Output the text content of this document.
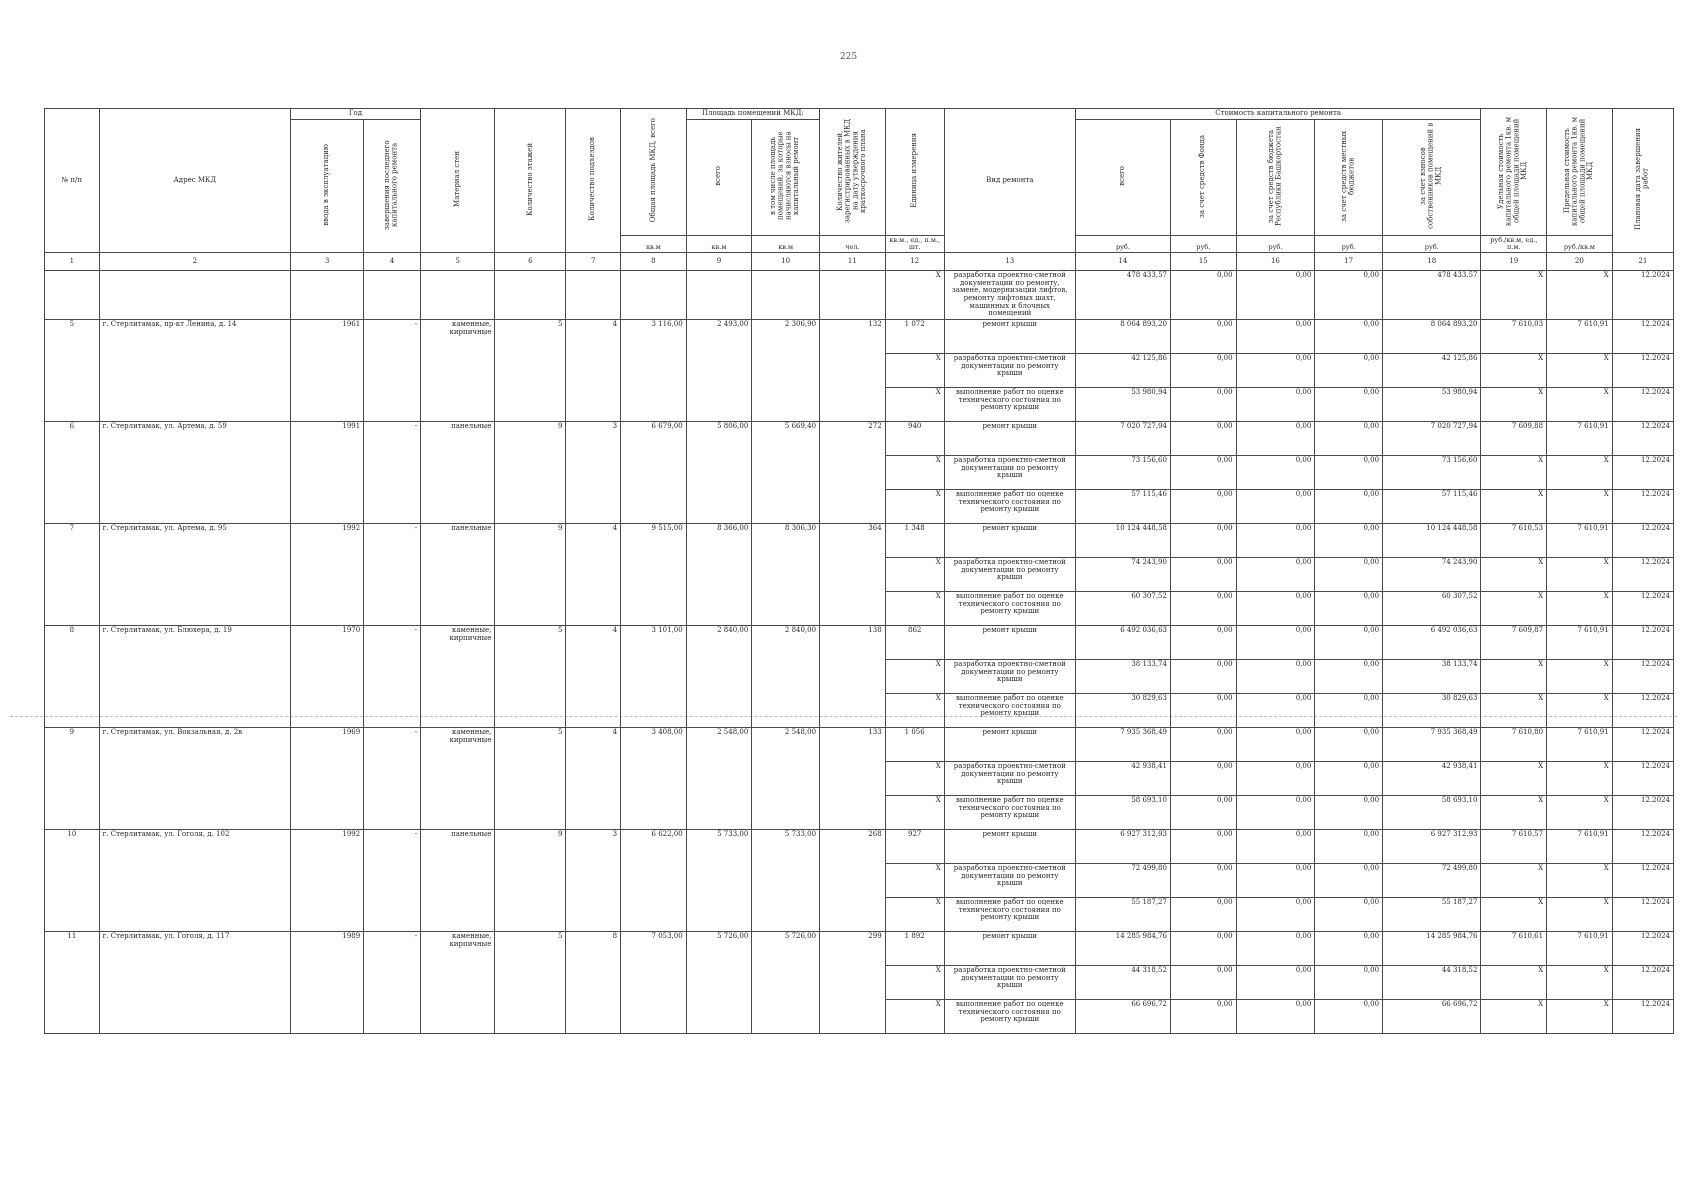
225
№ п/п	Адрес МКД	Год		Материал стен	Количество этажей	Количество подъездов	Общая площадь МКД, всего	Площадь помещений МКД:		Количество жителей, зарегистрированных в МКД на дату утверждения краткосрочного плана	Единица измерения	Вид ремонта	Стоимость капитального ремонта					Удельная стоимость капитального ремонта 1кв. м общей площади помещений МКД	Предельная стоимость капитального ремонта 1кв. м общей площади помещений МКД	Плановая дата завершения работ
		ввода в эксплуатацию	завершения последнего капитального ремонта					всего	в том числе площадь помещений, за которые начисляются взносы на капитальный ремонт				всего	за счет средств Фонда	за счет средств бюджета Республики Башкортостан	за счет средств местных бюджетов	за счет взносов собственников помещений в МКД			
							кв.м	кв.м	кв.м	чел.	кв.м., ед., п.м., шт.		руб.	руб.	руб.	руб.	руб.	руб./кв.м, ед., п.м.	руб./кв.м	
1	2	3	4	5	6	7	8	9	10	11	12	13	14	15	16	17	18	19	20	21
											X	разработка проектно-сметной документации по ремонту, замене, модернизации лифтов, ремонту лифтовых шахт, машинных и блочных помещений	478 433,57	0,00	0,00	0,00	478 433,57	X	X	12.2024
5	г. Стерлитамак, пр-кт Ленина, д. 14	1961	-	каменные, кирпичные	5	4	3 116,00	2 493,00	2 306,90	132	1 072	ремонт крыши	8 064 893,20	0,00	0,00	0,00	8 064 893,20	7 610,03	7 610,91	12.2024
											X	разработка проектно-сметной документации по ремонту крыши	42 125,86	0,00	0,00	0,00	42 125,86	X	X	12.2024
											X	выполнение работ по оценке технического состояния по ремонту крыши	53 980,94	0,00	0,00	0,00	53 980,94	X	X	12.2024
6	г. Стерлитамак, ул. Артема, д. 59	1991	-	панельные	9	3	6 679,00	5 806,00	5 669,40	272	940	ремонт крыши	7 020 727,94	0,00	0,00	0,00	7 020 727,94	7 609,88	7 610,91	12.2024
											X	разработка проектно-сметной документации по ремонту крыши	73 156,60	0,00	0,00	0,00	73 156,60	X	X	12.2024
											X	выполнение работ по оценке технического состояния по ремонту крыши	57 115,46	0,00	0,00	0,00	57 115,46	X	X	12.2024
7	г. Стерлитамак, ул. Артема, д. 95	1992	-	панельные	9	4	9 515,00	8 366,00	8 306,30	364	1 348	ремонт крыши	10 124 448,58	0,00	0,00	0,00	10 124 448,58	7 610,53	7 610,91	12.2024
											X	разработка проектно-сметной документации по ремонту крыши	74 243,90	0,00	0,00	0,00	74 243,90	X	X	12.2024
											X	выполнение работ по оценке технического состояния по ремонту крыши	60 307,52	0,00	0,00	0,00	60 307,52	X	X	12.2024
8	г. Стерлитамак, ул. Блюхера, д. 19	1970	-	каменные, кирпичные	5	4	3 101,00	2 840,00	2 840,00	138	862	ремонт крыши	6 492 036,63	0,00	0,00	0,00	6 492 036,63	7 609,87	7 610,91	12.2024
											X	разработка проектно-сметной документации по ремонту крыши	38 133,74	0,00	0,00	0,00	38 133,74	X	X	12.2024
											X	выполнение работ по оценке технического состояния по ремонту крыши	30 829,63	0,00	0,00	0,00	30 829,63	X	X	12.2024
9	г. Стерлитамак, ул. Вокзальная, д. 2в	1969	-	каменные, кирпичные	5	4	3 408,00	2 548,00	2 548,00	133	1 056	ремонт крыши	7 935 368,49	0,00	0,00	0,00	7 935 368,49	7 610,80	7 610,91	12.2024
											X	разработка проектно-сметной документации по ремонту крыши	42 938,41	0,00	0,00	0,00	42 938,41	X	X	12.2024
											X	выполнение работ по оценке технического состояния по ремонту крыши	58 693,10	0,00	0,00	0,00	58 693,10	X	X	12.2024
10	г. Стерлитамак, ул. Гоголя, д. 102	1992	-	панельные	9	3	6 622,00	5 733,00	5 733,00	268	927	ремонт крыши	6 927 312,93	0,00	0,00	0,00	6 927 312,93	7 610,57	7 610,91	12.2024
											X	разработка проектно-сметной документации по ремонту крыши	72 499,80	0,00	0,00	0,00	72 499,80	X	X	12.2024
											X	выполнение работ по оценке технического состояния по ремонту крыши	55 187,27	0,00	0,00	0,00	55 187,27	X	X	12.2024
11	г. Стерлитамак, ул. Гоголя, д. 117	1989	-	каменные, кирпичные	5	8	7 053,00	5 726,00	5 726,00	299	1 892	ремонт крыши	14 285 984,76	0,00	0,00	0,00	14 285 984,76	7 610,61	7 610,91	12.2024
											X	разработка проектно-сметной документации по ремонту крыши	44 318,52	0,00	0,00	0,00	44 318,52	X	X	12.2024
											X	выполнение работ по оценке технического состояния по ремонту крыши	66 696,72	0,00	0,00	0,00	66 696,72	X	X	12.2024
